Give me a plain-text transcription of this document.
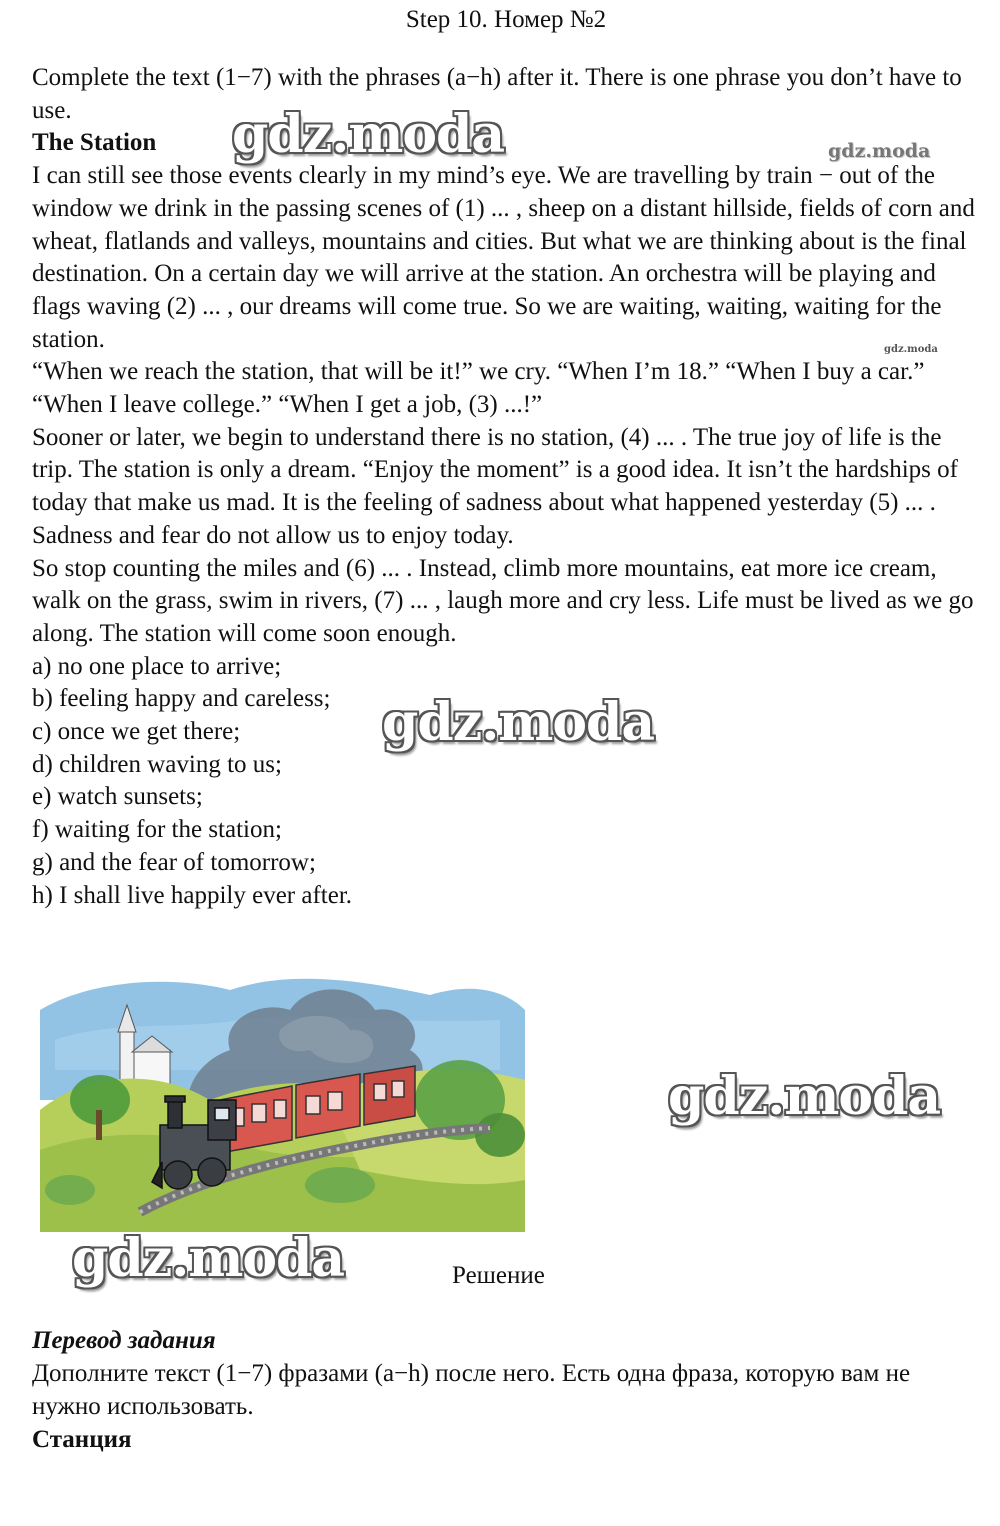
Step 10. Номер №2

Complete the text (1−7) with the phrases (a−h) after it. There is one phrase you don’t have to use.

The Station

I can still see those events clearly in my mind’s eye. We are travelling by train − out of the window we drink in the passing scenes of (1) ... , sheep on a distant hillside, fields of corn and wheat, flatlands and valleys, mountains and cities. But what we are thinking about is the final destination. On a certain day we will arrive at the station. An orchestra will be playing and flags waving (2) ... , our dreams will come true. So we are waiting, waiting, waiting for the station.

“When we reach the station, that will be it!” we cry. “When I’m 18.” “When I buy a car.” “When I leave college.” “When I get a job, (3) ...!”

Sooner or later, we begin to understand there is no station, (4) ... . The true joy of life is the trip. The station is only a dream. “Enjoy the moment” is a good idea. It isn’t the hardships of today that make us mad. It is the feeling of sadness about what happened yesterday (5) ... . Sadness and fear do not allow us to enjoy today.

So stop counting the miles and (6) ... . Instead, climb more mountains, eat more ice cream, walk on the grass, swim in rivers, (7) ... , laugh more and cry less. Life must be lived as we go along. The station will come soon enough.

a) no one place to arrive;

b) feeling happy and careless;

c) once we get there;

d) children waving to us;

e) watch sunsets;

f) waiting for the station;

g) and the fear of tomorrow;

h) I shall live happily ever after.

Решение

Перевод задания

Дополните текст (1−7) фразами (a−h) после него. Есть одна фраза, которую вам не нужно использовать.

Станция

gdz.moda	gdz.moda
gdz.moda
gdz.moda
gdz.moda
gdz.moda
